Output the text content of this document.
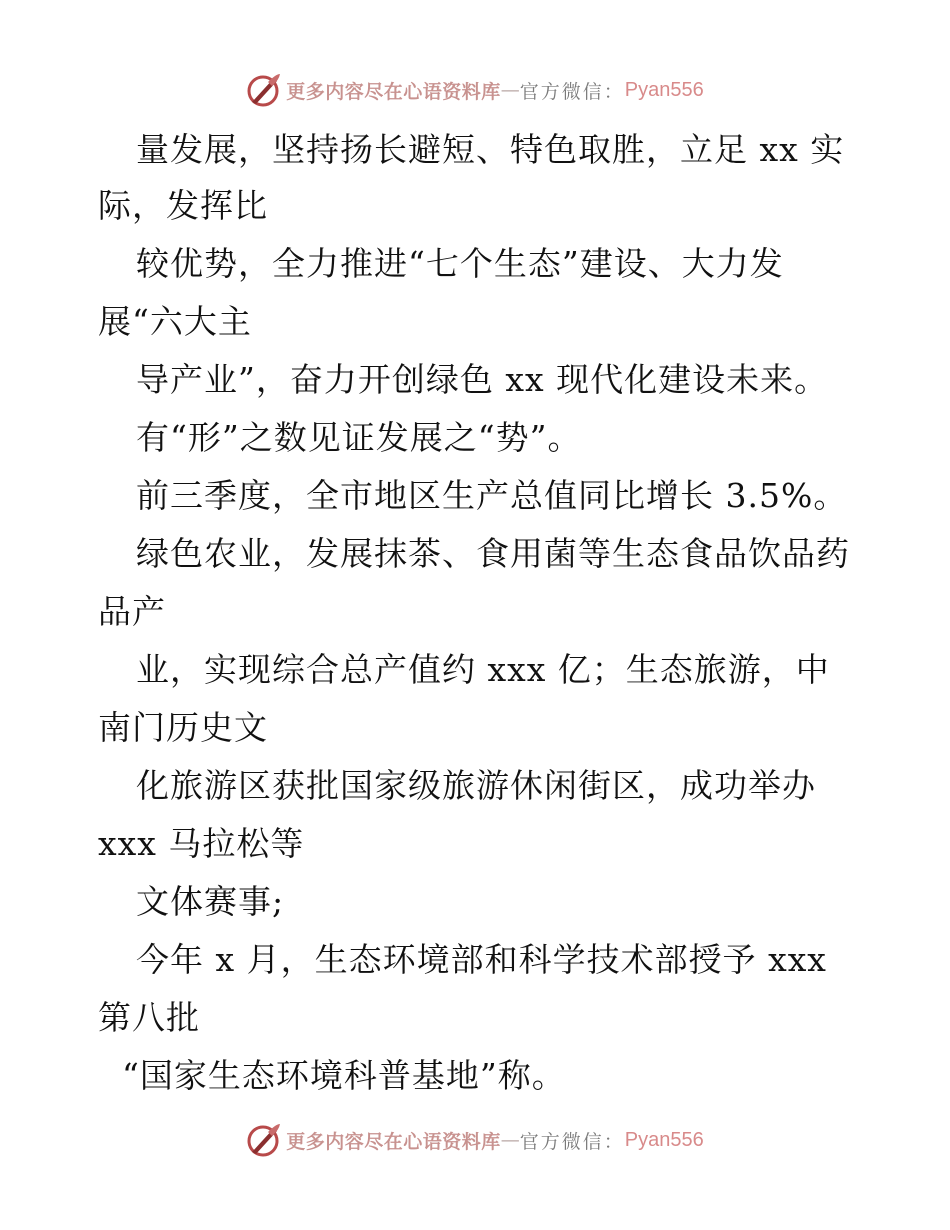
更多内容尽在心语资料库 — 官方微信： Pyan556
量发展，坚持扬长避短、特色取胜，立足 xx 实
际，发挥比
较优势，全力推进“七个生态”建设、大力发
展“六大主
导产业”，奋力开创绿色 xx 现代化建设未来。
有“形”之数见证发展之“势”。
前三季度，全市地区生产总值同比增长 3.5%。
绿色农业，发展抹茶、食用菌等生态食品饮品药
品产
业，实现综合总产值约 xxx 亿；生态旅游，中
南门历史文
化旅游区获批国家级旅游休闲街区，成功举办
xxx 马拉松等
文体赛事;
今年 x 月，生态环境部和科学技术部授予 xxx
第八批
“国家生态环境科普基地”称。
更多内容尽在心语资料库 — 官方微信： Pyan556
